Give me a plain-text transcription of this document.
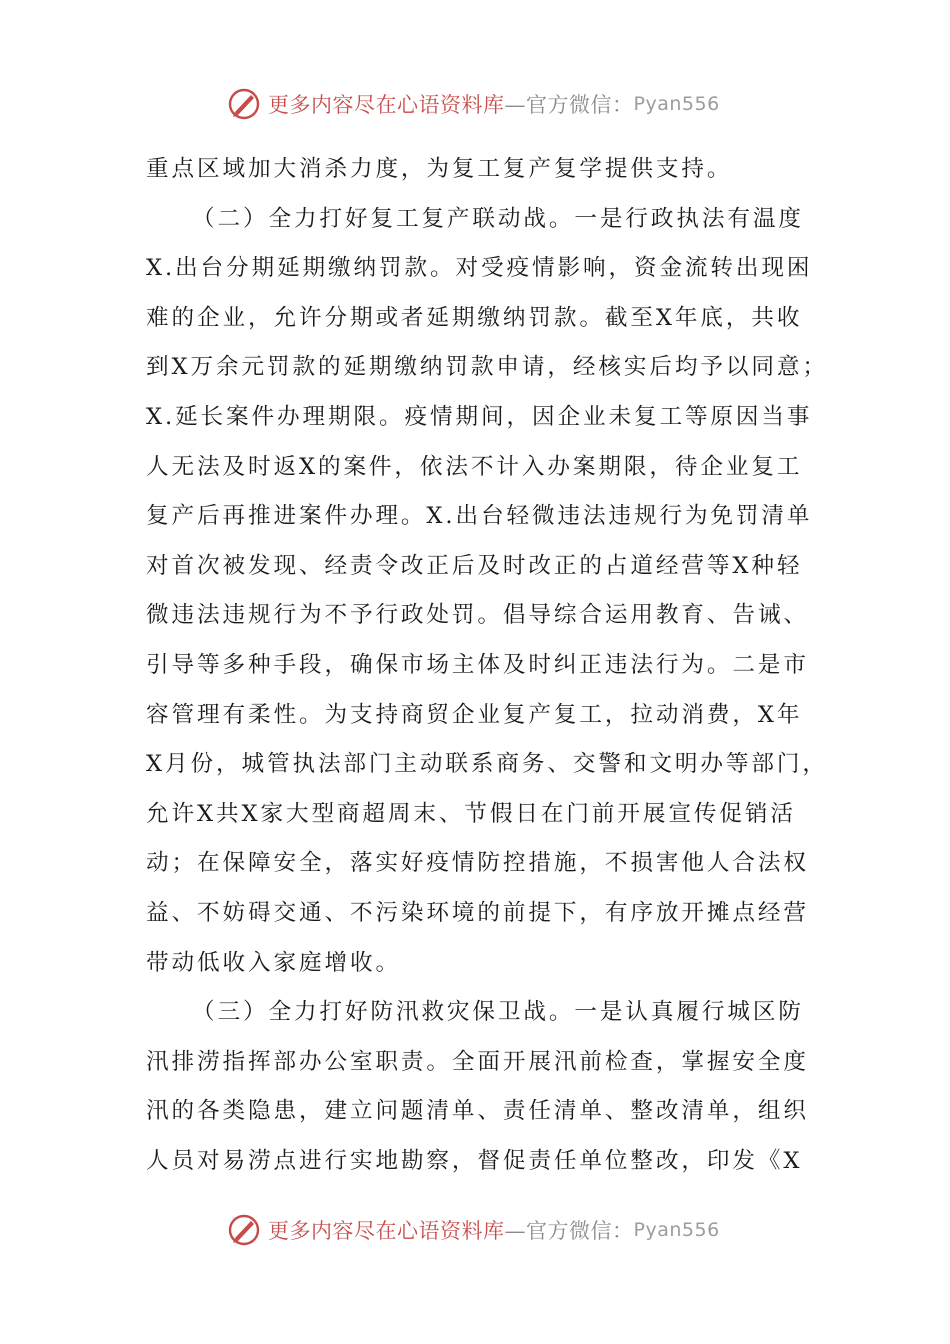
更多内容尽在心语资料库 —官方微信： Pyan556
重点区域加大消杀力度，为复工复产复学提供支持。
（二）全力打好复工复产联动战。一是行政执法有温度
X.出台分期延期缴纳罚款。对受疫情影响，资金流转出现困
难的企业，允许分期或者延期缴纳罚款。截至X年底，共收
到X万余元罚款的延期缴纳罚款申请，经核实后均予以同意；
X.延长案件办理期限。疫情期间，因企业未复工等原因当事
人无法及时返X的案件，依法不计入办案期限，待企业复工
复产后再推进案件办理。X.出台轻微违法违规行为免罚清单
对首次被发现、经责令改正后及时改正的占道经营等X种轻
微违法违规行为不予行政处罚。倡导综合运用教育、告诫、
引导等多种手段，确保市场主体及时纠正违法行为。二是市
容管理有柔性。为支持商贸企业复产复工，拉动消费，X年
X月份，城管执法部门主动联系商务、交警和文明办等部门，
允许X共X家大型商超周末、节假日在门前开展宣传促销活
动；在保障安全，落实好疫情防控措施，不损害他人合法权
益、不妨碍交通、不污染环境的前提下，有序放开摊点经营
带动低收入家庭增收。
（三）全力打好防汛救灾保卫战。一是认真履行城区防
汛排涝指挥部办公室职责。全面开展汛前检查，掌握安全度
汛的各类隐患，建立问题清单、责任清单、整改清单，组织
人员对易涝点进行实地勘察，督促责任单位整改，印发《X
更多内容尽在心语资料库 —官方微信： Pyan556
